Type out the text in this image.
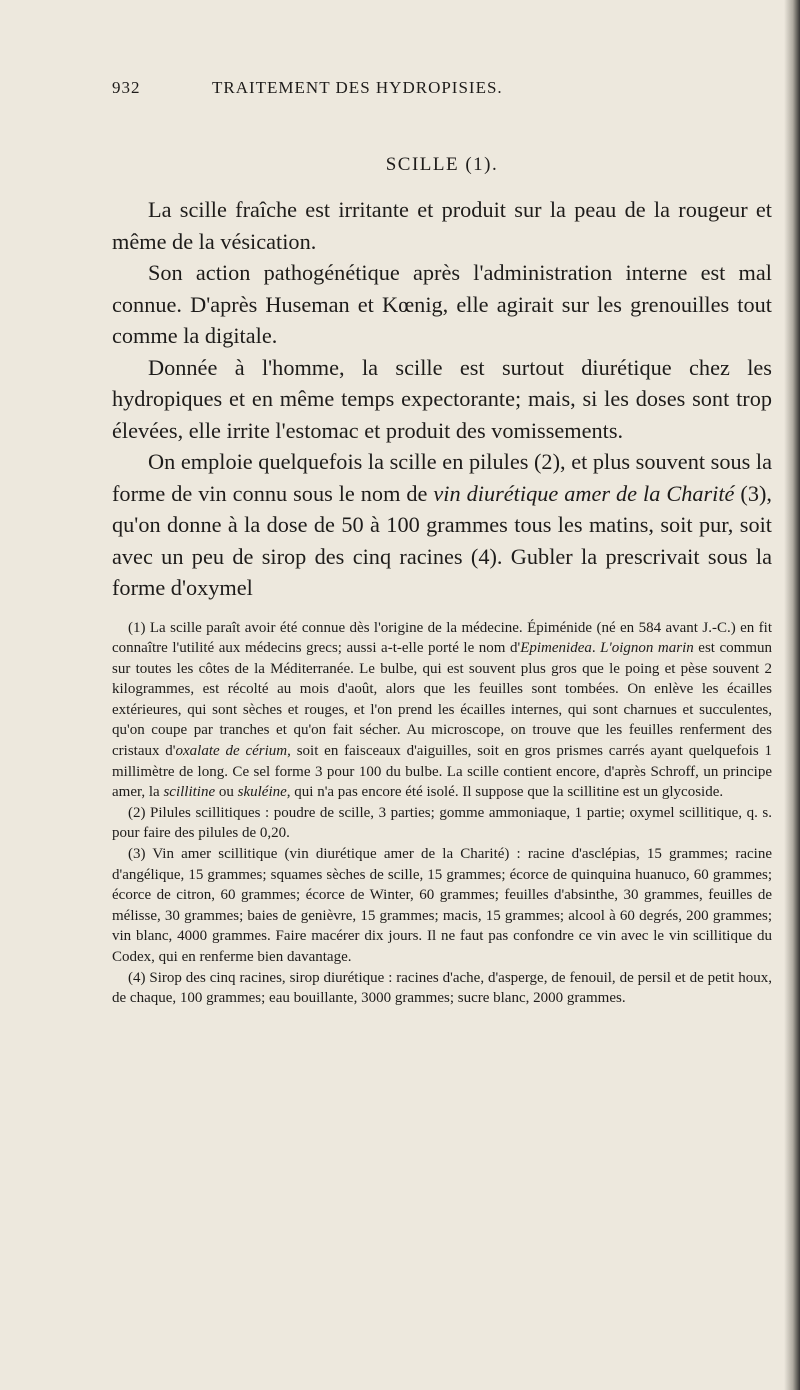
932	TRAITEMENT DES HYDROPISIES.
SCILLE (1).

La scille fraîche est irritante et produit sur la peau de la rougeur et même de la vésication.

Son action pathogénétique après l'administration interne est mal connue. D'après Huseman et Kœnig, elle agirait sur les grenouilles tout comme la digitale.

Donnée à l'homme, la scille est surtout diurétique chez les hydropiques et en même temps expectorante; mais, si les doses sont trop élevées, elle irrite l'estomac et produit des vomissements.

On emploie quelquefois la scille en pilules (2), et plus souvent sous la forme de vin connu sous le nom de vin diurétique amer de la Charité (3), qu'on donne à la dose de 50 à 100 grammes tous les matins, soit pur, soit avec un peu de sirop des cinq racines (4). Gubler la prescrivait sous la forme d'oxymel

(1) La scille paraît avoir été connue dès l'origine de la médecine. Épiménide (né en 584 avant J.-C.) en fit connaître l'utilité aux médecins grecs; aussi a-t-elle porté le nom d'Epimenidea. L'oignon marin est commun sur toutes les côtes de la Méditerranée. Le bulbe, qui est souvent plus gros que le poing et pèse souvent 2 kilogrammes, est récolté au mois d'août, alors que les feuilles sont tombées. On enlève les écailles extérieures, qui sont sèches et rouges, et l'on prend les écailles internes, qui sont charnues et succulentes, qu'on coupe par tranches et qu'on fait sécher. Au microscope, on trouve que les feuilles renferment des cristaux d'oxalate de cérium, soit en faisceaux d'aiguilles, soit en gros prismes carrés ayant quelquefois 1 millimètre de long. Ce sel forme 3 pour 100 du bulbe. La scille contient encore, d'après Schroff, un principe amer, la scillitine ou skuléine, qui n'a pas encore été isolé. Il suppose que la scillitine est un glycoside.

(2) Pilules scillitiques : poudre de scille, 3 parties; gomme ammoniaque, 1 partie; oxymel scillitique, q. s. pour faire des pilules de 0,20.

(3) Vin amer scillitique (vin diurétique amer de la Charité) : racine d'asclépias, 15 grammes; racine d'angélique, 15 grammes; squames sèches de scille, 15 grammes; écorce de quinquina huanuco, 60 grammes; écorce de citron, 60 grammes; écorce de Winter, 60 grammes; feuilles d'absinthe, 30 grammes, feuilles de mélisse, 30 grammes; baies de genièvre, 15 grammes; macis, 15 grammes; alcool à 60 degrés, 200 grammes; vin blanc, 4000 grammes. Faire macérer dix jours. Il ne faut pas confondre ce vin avec le vin scillitique du Codex, qui en renferme bien davantage.

(4) Sirop des cinq racines, sirop diurétique : racines d'ache, d'asperge, de fenouil, de persil et de petit houx, de chaque, 100 grammes; eau bouillante, 3000 grammes; sucre blanc, 2000 grammes.
